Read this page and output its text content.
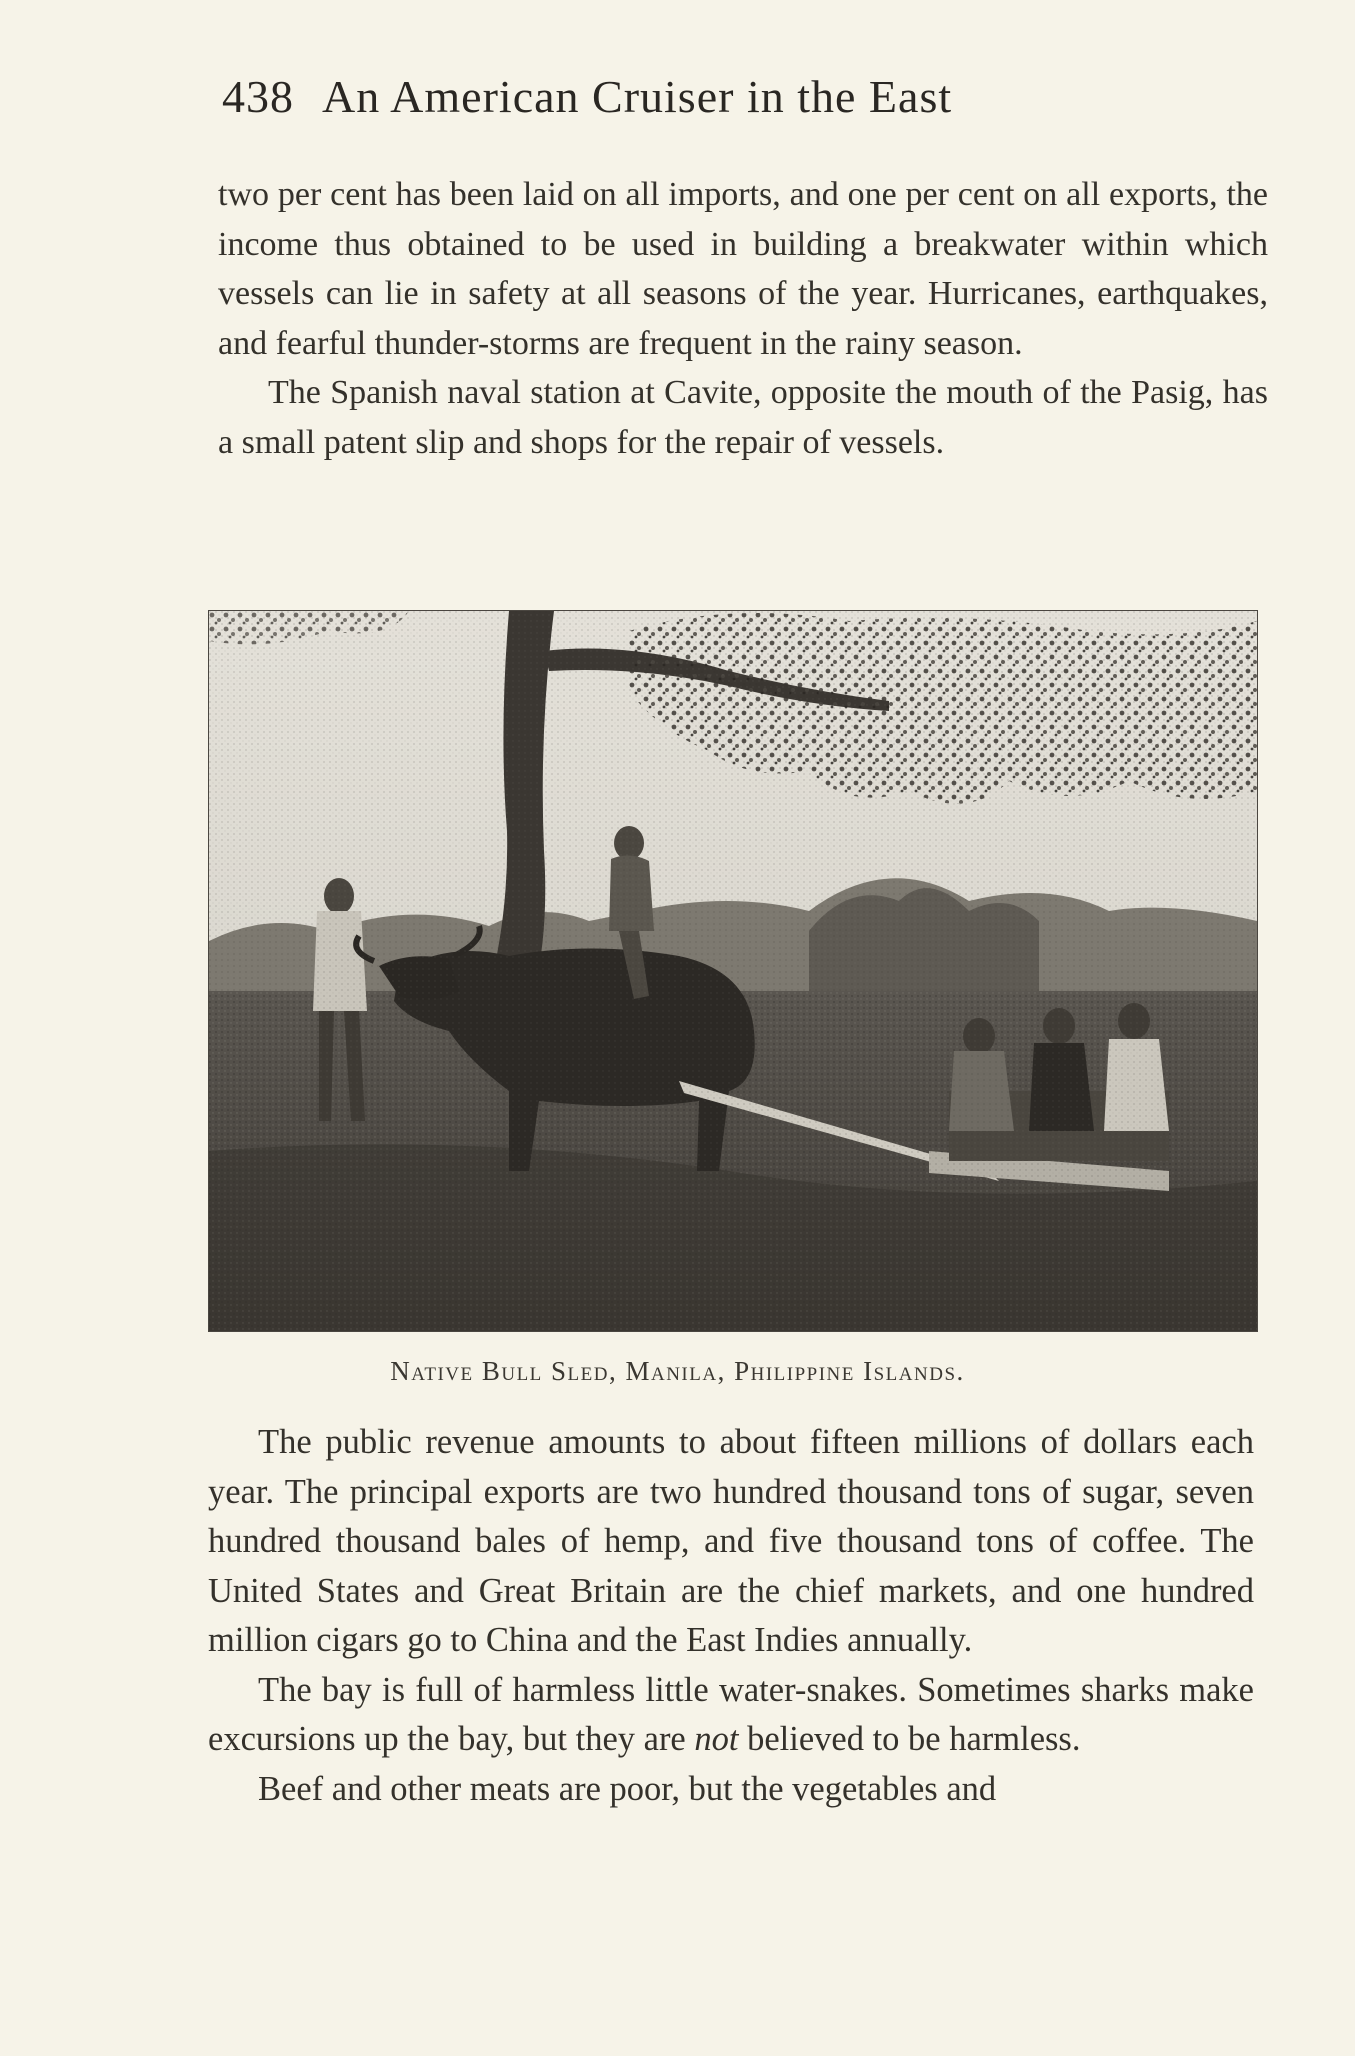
438 An American Cruiser in the East

two per cent has been laid on all imports, and one per cent on all exports, the income thus obtained to be used in building a breakwater within which vessels can lie in safety at all seasons of the year. Hurricanes, earthquakes, and fearful thunder-storms are frequent in the rainy season.

The Spanish naval station at Cavite, opposite the mouth of the Pasig, has a small patent slip and shops for the repair of vessels.

Native Bull Sled, Manila, Philippine Islands.

The public revenue amounts to about fifteen millions of dollars each year. The principal exports are two hundred thousand tons of sugar, seven hundred thousand bales of hemp, and five thousand tons of coffee. The United States and Great Britain are the chief markets, and one hundred million cigars go to China and the East Indies annually.

The bay is full of harmless little water-snakes. Sometimes sharks make excursions up the bay, but they are not believed to be harmless.

Beef and other meats are poor, but the vegetables and
